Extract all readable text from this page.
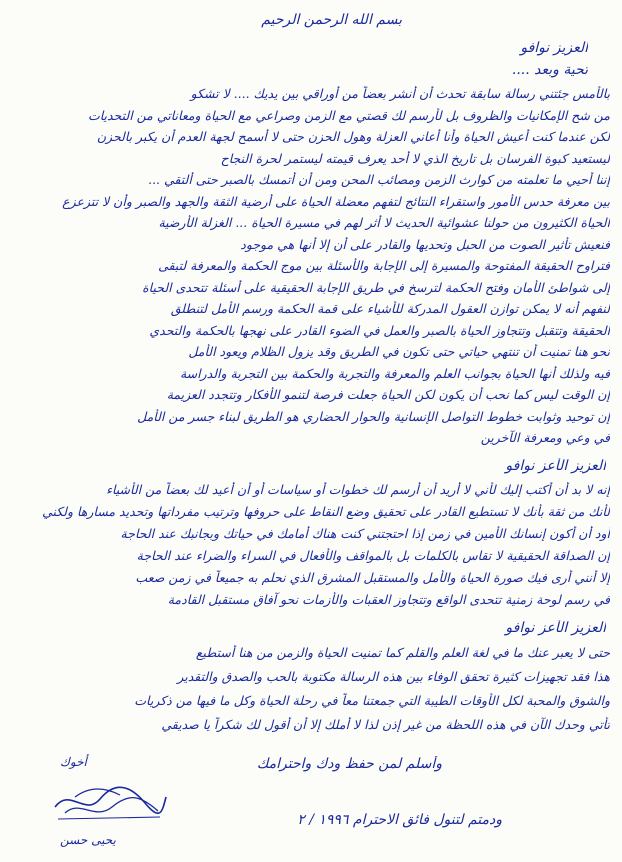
بسم الله الرحمن الرحيم
العزيز نوافو
تحية وبعد ....
بالأمس جئتني رسالة سابقة تحدث أن أنشر بعضاً من أوراقي بين يديك .... لا تشكو
من شح الإمكانيات والظروف بل لأرسم لك قصتي مع الزمن وصراعي مع الحياة ومعاناتي من التحديات
لكن عندما كنت أعيش الحياة وأنا أعاني العزلة وهول الحزن حتى لا أسمح لجهة العدم أن يكبر بالحزن
ليستعيد كبوة الفرسان بل تاريخ الذي لا أحد يعرف قيمته ليستمر لحرة النجاح
إننا أحيي ما تعلمته من كوارث الزمن ومصائب المحن ومن أن أتمسك بالصبر حتى ألتقي ...
بين معرفة حدس الأمور واستقراء النتائج لتفهم معضلة الحياة على أرضية الثقة والجهد والصبر وأن لا تتزعزع
الحياة الكثيرون من حولنا عشوائية الحديث لا أثر لهم في مسيرة الحياة ... الغزلة الأرضية
فنعيش تأثير الصوت من الحبل وتحديها والقادر على أن إلا أنها هي موجود
فتراوح الحقيقة المفتوحة والمسيرة إلى الإجابة والأسئلة بين موج الحكمة والمعرفة لتبقى
إلى شواطئ الأمان وفتح الحكمة لترسخ في طريق الإجابة الحقيقية على أسئلة تتحدى الحياة
لنفهم أنه لا يمكن توازن العقول المدركة للأشياء على قمة الحكمة ورسم الأمل لتنطلق
الحقيقة وتتقبل وتتجاوز الحياة بالصبر والعمل في الضوء القادر على نهجها بالحكمة والتحدي
نحو هنا تمنيت أن تنتهي حياتي حتى تكون في الطريق وقد يزول الظلام ويعود الأمل
فيه ولذلك أنها الحياة بجوانب العلم والمعرفة والتجربة والحكمة بين التجربة والدراسة
إن الوقت ليس كما نحب أن يكون لكن الحياة جعلت فرصة لتنمو الأفكار وتتجدد العزيمة
إن توحيد وثوابت خطوط التواصل الإنسانية والحوار الحضاري هو الطريق لبناء جسر من الأمل
في وعي ومعرفة الآخرين
العزيز الأعز نوافو
إنه لا بد أن أكتب إليك لأني لا أريد أن أرسم لك خطوات أو سياسات أو أن أعيد لك بعضاً من الأشياء
لأنك من ثقة بأنك لا تستطيع القادر على تحقيق وضع النقاط على حروفها وترتيب مفرداتها وتحديد مسارها ولكني
أود أن أكون إنسانك الأمين في زمن إذا احتجتني كنت هناك أمامك في حياتك وبجانبك عند الحاجة
إن الصداقة الحقيقية لا تقاس بالكلمات بل بالمواقف والأفعال في السراء والضراء عند الحاجة
إلا أنني أرى فيك صورة الحياة والأمل والمستقبل المشرق الذي نحلم به جميعاً في زمن صعب
في رسم لوحة زمنية تتحدى الواقع وتتجاوز العقبات والأزمات نحو آفاق مستقبل القادمة
العزيز الأعز نوافو
حتى لا يعبر عنك ما في لغة العلم والقلم كما تمنيت الحياة والزمن من هنا أستطيع
هذا فقد تجهيزات كثيرة تحقق الوفاء بين هذه الرسالة مكتوبة بالحب والصدق والتقدير
والشوق والمحبة لكل الأوقات الطيبة التي جمعتنا معاً في رحلة الحياة وكل ما فيها من ذكريات
تأتي وحدك الآن في هذه اللحظة من غير إذن لذا لا أملك إلا أن أقول لك شكراً يا صديقي
وأسلم لمن حفظ ودك واحترامك
ودمتم لتنول فائق الاحترام ١٩٩٦ / ٢
أخوك
يحيى حسن
